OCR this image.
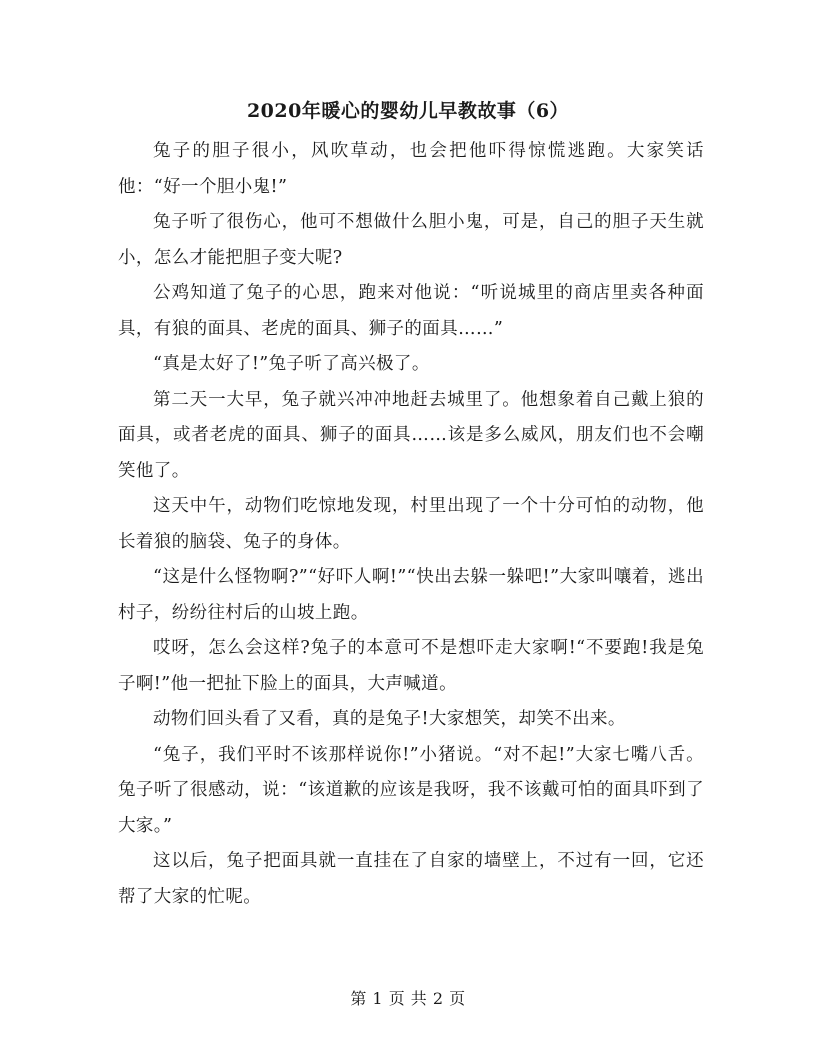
2020年暖心的婴幼儿早教故事（6）

兔子的胆子很小，风吹草动，也会把他吓得惊慌逃跑。大家笑话他：“好一个胆小鬼!”

兔子听了很伤心，他可不想做什么胆小鬼，可是，自己的胆子天生就小，怎么才能把胆子变大呢?

公鸡知道了兔子的心思，跑来对他说：“听说城里的商店里卖各种面具，有狼的面具、老虎的面具、狮子的面具……”

“真是太好了!”兔子听了高兴极了。

第二天一大早，兔子就兴冲冲地赶去城里了。他想象着自己戴上狼的面具，或者老虎的面具、狮子的面具……该是多么威风，朋友们也不会嘲笑他了。

这天中午，动物们吃惊地发现，村里出现了一个十分可怕的动物，他长着狼的脑袋、兔子的身体。

“这是什么怪物啊?”“好吓人啊!”“快出去躲一躲吧!”大家叫嚷着，逃出村子，纷纷往村后的山坡上跑。

哎呀，怎么会这样?兔子的本意可不是想吓走大家啊!“不要跑!我是兔子啊!”他一把扯下脸上的面具，大声喊道。

动物们回头看了又看，真的是兔子!大家想笑，却笑不出来。

“兔子，我们平时不该那样说你!”小猪说。“对不起!”大家七嘴八舌。兔子听了很感动，说：“该道歉的应该是我呀，我不该戴可怕的面具吓到了大家。”

这以后，兔子把面具就一直挂在了自家的墙壁上，不过有一回，它还帮了大家的忙呢。

第 1 页 共 2 页
